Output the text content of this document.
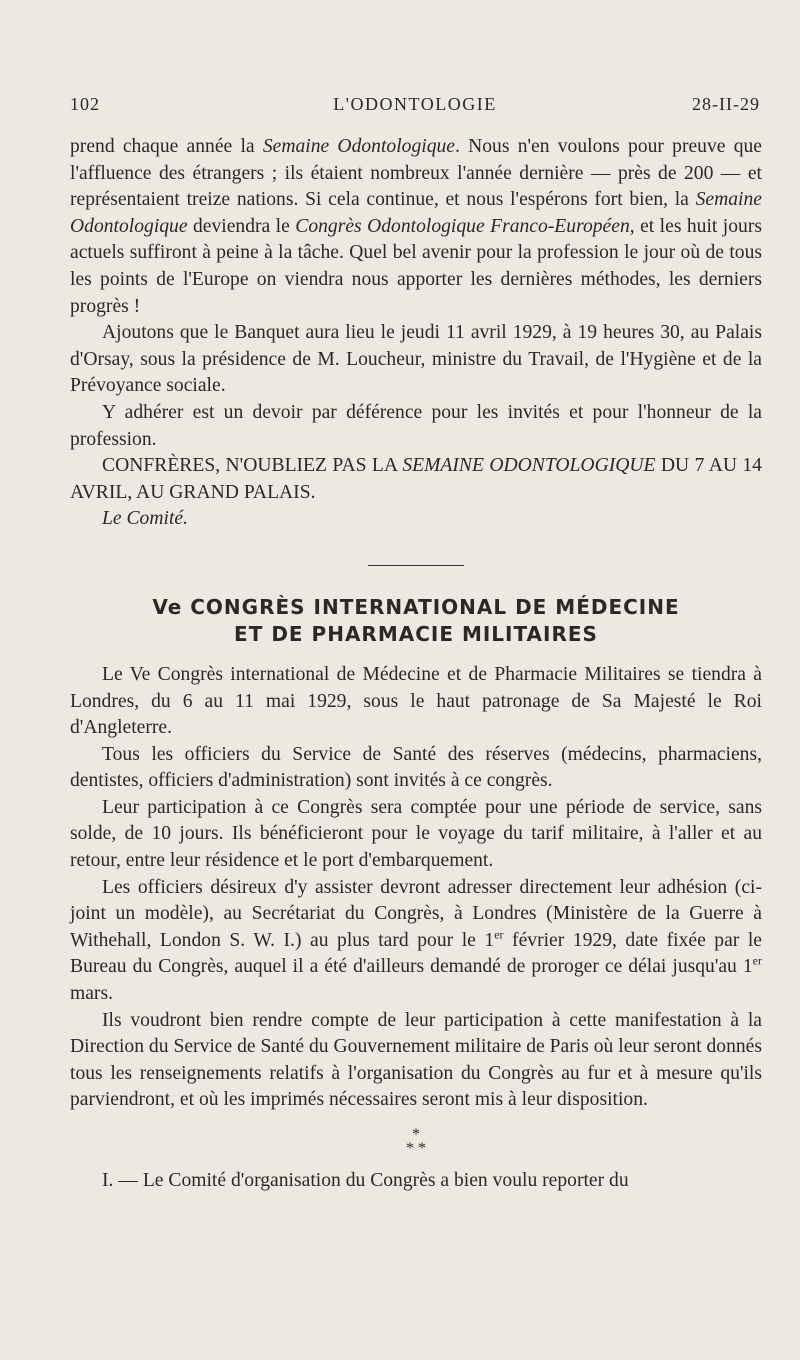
102	L'ODONTOLOGIE	28-II-29

prend chaque année la Semaine Odontologique. Nous n'en voulons pour preuve que l'affluence des étrangers ; ils étaient nombreux l'année dernière — près de 200 — et représentaient treize nations. Si cela continue, et nous l'espérons fort bien, la Semaine Odontologique deviendra le Congrès Odontologique Franco-Européen, et les huit jours actuels suffiront à peine à la tâche. Quel bel avenir pour la profession le jour où de tous les points de l'Europe on viendra nous apporter les dernières méthodes, les derniers progrès !

Ajoutons que le Banquet aura lieu le jeudi 11 avril 1929, à 19 heures 30, au Palais d'Orsay, sous la présidence de M. Loucheur, ministre du Travail, de l'Hygiène et de la Prévoyance sociale.

Y adhérer est un devoir par déférence pour les invités et pour l'honneur de la profession.

CONFRÈRES, N'OUBLIEZ PAS LA SEMAINE ODONTOLOGIQUE DU 7 AU 14 AVRIL, AU GRAND PALAIS.

Le Comité.

Ve CONGRÈS INTERNATIONAL DE MÉDECINE
ET DE PHARMACIE MILITAIRES

Le Ve Congrès international de Médecine et de Pharmacie Militaires se tiendra à Londres, du 6 au 11 mai 1929, sous le haut patronage de Sa Majesté le Roi d'Angleterre.

Tous les officiers du Service de Santé des réserves (médecins, pharmaciens, dentistes, officiers d'administration) sont invités à ce congrès.

Leur participation à ce Congrès sera comptée pour une période de service, sans solde, de 10 jours. Ils bénéficieront pour le voyage du tarif militaire, à l'aller et au retour, entre leur résidence et le port d'embarquement.

Les officiers désireux d'y assister devront adresser directement leur adhésion (ci-joint un modèle), au Secrétariat du Congrès, à Londres (Ministère de la Guerre à Withehall, London S. W. I.) au plus tard pour le 1er février 1929, date fixée par le Bureau du Congrès, auquel il a été d'ailleurs demandé de proroger ce délai jusqu'au 1er mars.

Ils voudront bien rendre compte de leur participation à cette manifestation à la Direction du Service de Santé du Gouvernement militaire de Paris où leur seront donnés tous les renseignements relatifs à l'organisation du Congrès au fur et à mesure qu'ils parviendront, et où les imprimés nécessaires seront mis à leur disposition.

*
* *

I. — Le Comité d'organisation du Congrès a bien voulu reporter du
